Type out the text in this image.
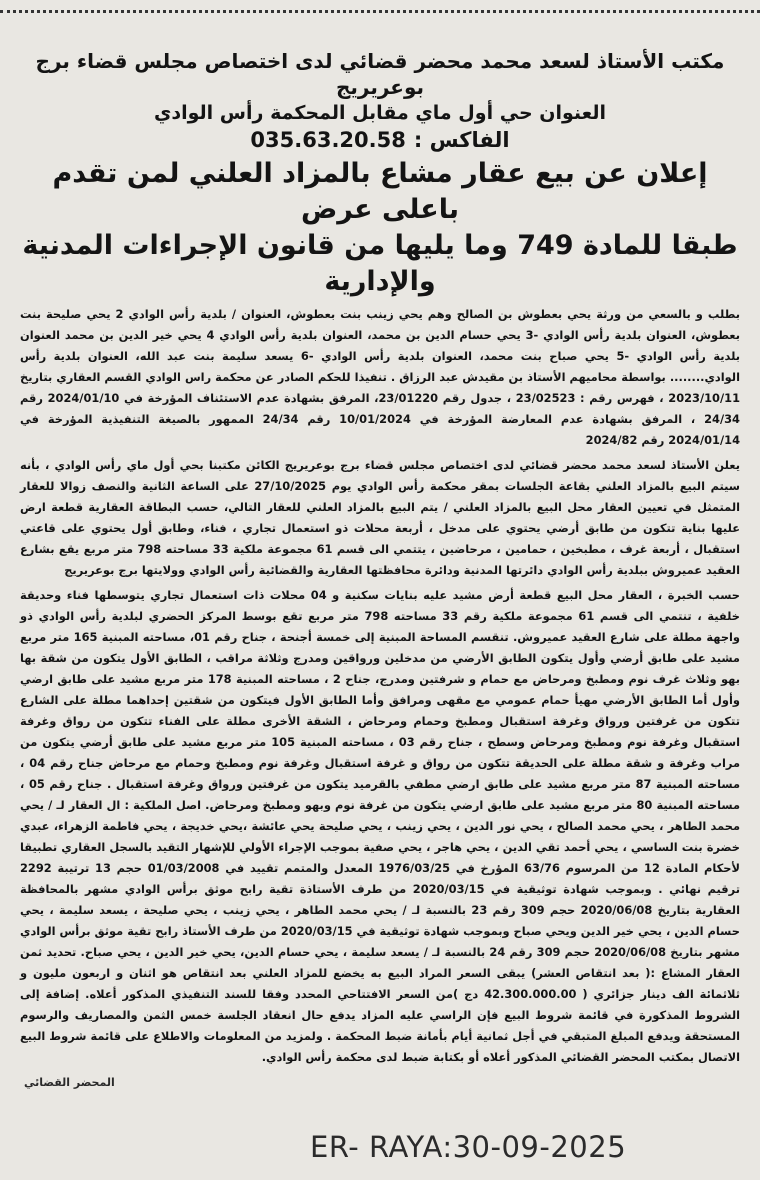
مكتب الأستاذ لسعد محمد محضر قضائي لدى اختصاص مجلس قضاء برج بوعريريج
العنوان حي أول ماي مقابل المحكمة رأس الوادي
الفاكس :035.63.20.58
إعلان عن بيع عقار مشاع بالمزاد العلني لمن تقدم باعلى عرض
طبقا للمادة 749 وما يليها من قانون الإجراءات المدنية والإدارية

بطلب و بالسعي من ورثة يحي بعطوش بن الصالح وهم يحي زينب بنت بعطوش، العنوان / بلدية رأس الوادي 2 يحي صليحة بنت بعطوش، العنوان بلدية رأس الوادي -3 يحي حسام الدين بن محمد، العنوان بلدية رأس الوادي 4 يحي خير الدين بن محمد العنوان بلدية رأس الوادي -5 يحي صباح بنت محمد، العنوان بلدية رأس الوادي -6 يسعد سليمة بنت عبد الله، العنوان بلدية رأس الوادي........ بواسطة محاميهم الأستاذ بن مقيدش عبد الرزاق . تنفيذا للحكم الصادر عن محكمة راس الوادي القسم العقاري بتاريخ 2023/10/11 ، فهرس رقم : 23/02523 ، جدول رقم 23/01220، المرفق بشهادة عدم الاستئناف المؤرخة في 2024/01/10 رقم 24/34 ، المرفق بشهادة عدم المعارضة المؤرخة في 10/01/2024 رقم 24/34 الممهور بالصيغة التنفيذية المؤرخة في 2024/01/14 رقم 2024/82

يعلن الأستاذ لسعد محمد محضر قضائي لدى اختصاص مجلس قضاء برج بوعريريج الكائن مكتبنا بحي أول ماي رأس الوادي ، بأنه سيتم البيع بالمزاد العلني بقاعة الجلسات بمقر محكمة رأس الوادي يوم 27/10/2025 على الساعة الثانية والنصف زوالا للعقار المتمثل في تعيين العقار محل البيع بالمزاد العلني / يتم البيع بالمزاد العلني للعقار التالي، حسب البطاقة العقارية قطعة ارض عليها بناية تتكون من طابق أرضي يحتوي على مدخل ، أربعة محلات ذو استعمال تجاري ، فناء، وطابق أول يحتوي على قاعتي استقبال ، أربعة غرف ، مطبخين ، حمامين ، مرحاضين ، يتتمي الى قسم 61 مجموعة ملكية 33 مساحته 798 متر مربع يقع بشارع العقيد عميروش ببلدية رأس الوادي دائرتها المدنية ودائرة محافظتها العقارية والقضائية رأس الوادي وولايتها برج بوعريريج

حسب الخبرة ، العقار محل البيع قطعة أرض مشيد عليه بنايات سكنية و 04 محلات ذات استعمال تجاري يتوسطها فناء وحديقة خلفية ، تنتمي الى قسم 61 مجموعة ملكية رقم 33 مساحته 798 متر مربع تقع بوسط المركز الحضري لبلدية رأس الوادي ذو واجهة مطلة على شارع العقيد عميروش. تنقسم المساحة المبنية إلى خمسة أجنحة ، جناح رقم 01، مساحته المبنية 165 متر مربع مشيد على طابق أرضي وأول يتكون الطابق الأرضي من مدخلين ورواقين ومدرج وثلاثة مراقب ، الطابق الأول يتكون من شقة بها بهو وثلاث غرف نوم ومطبخ ومرحاض مع حمام و شرفتين ومدرج، جناح 2 ، مساحته المبنية 178 متر مربع مشيد على طابق ارضي وأول أما الطابق الأرضي مهيأ حمام عمومي مع مقهى ومرافق وأما الطابق الأول فيتكون من شقتين إحداهما مطلة على الشارع تتكون من غرفتين ورواق وغرفة استقبال ومطبخ وحمام ومرحاض ، الشقة الأخرى مطلة على الفناء تتكون من رواق وغرفة استقبال وغرفة نوم ومطبخ ومرحاض وسطح ، جناح رقم 03 ، مساحته المبنية 105 متر مربع مشيد على طابق أرضي يتكون من مراب وغرفة و شقة مطلة على الحديقة تتكون من رواق و غرفة استقبال وغرفة نوم ومطبخ وحمام مع مرحاض جناح رقم 04 ، مساحته المبنية 87 متر مربع مشيد على طابق ارضي مطفي بالقرميد يتكون من غرفتين ورواق وغرفة استقبال . جناح رقم 05 ، مساحته المبنية 80 متر مربع مشيد على طابق ارضي يتكون من غرفة نوم وبهو ومطبخ ومرحاض. اصل الملكية : ال العقار لـ / يحي محمد الطاهر ، يحي محمد الصالح ، يحي نور الدين ، يحي زينب ، يحي صليحة يحي عائشة ،يحي خديجة ، يحي فاطمة الزهراء، عبدي خضرة بنت الساسي ، يحي أحمد تقي الدين ، يحي هاجر ، يحي صفية بموجب الإجراء الأولي للإشهار التقيد بالسجل العقاري تطبيقا لأحكام المادة 12 من المرسوم 63/76 المؤرخ في 1976/03/25 المعدل والمتمم تقييد في 01/03/2008 حجم 13 ترتيبة 2292 ترقيم نهائي . وبموجب شهادة توثيقية في 2020/03/15 من طرف الأستاذة تقية رابح موثق برأس الوادي مشهر بالمحافظة العقارية بتاريخ 2020/06/08 حجم 309 رقم 23 بالنسبة لـ / يحي محمد الطاهر ، يحي زينب ، يحي صليحة ، يسعد سليمة ، يحي حسام الدين ، يحي خير الدين ويحي صباح وبموجب شهادة توثيقية في 2020/03/15 من طرف الأستاذ رابح تقية موثق برأس الوادي مشهر بتاريخ 2020/06/08 حجم 309 رقم 24 بالنسبة لـ / يسعد سليمة ، يحي حسام الدين، يحي خير الدين ، يحي صباح. تحديد ثمن العقار المشاع :( بعد انتقاص العشر) يبقى السعر المراد البيع به يخضع للمزاد العلني بعد انتقاص هو اثنان و اربعون مليون و ثلاثمائة الف دينار جزائري ( 42.300.000.00 دج )من السعر الافتتاحي المحدد وفقا للسند التنفيذي المذكور أعلاه. إضافة إلى الشروط المذكورة في قائمة شروط البيع فإن الراسي عليه المزاد يدفع حال انعقاد الجلسة خمس الثمن والمصاريف والرسوم المستحقة ويدفع المبلغ المتبقي في أجل ثمانية أيام بأمانة ضبط المحكمة . ولمزيد من المعلومات والاطلاع على قائمة شروط البيع الاتصال بمكتب المحضر القضائي المذكور أعلاه أو بكتابة ضبط لدى محكمة رأس الوادي.

المحضر القضائي
ER- RAYA:30-09-2025
